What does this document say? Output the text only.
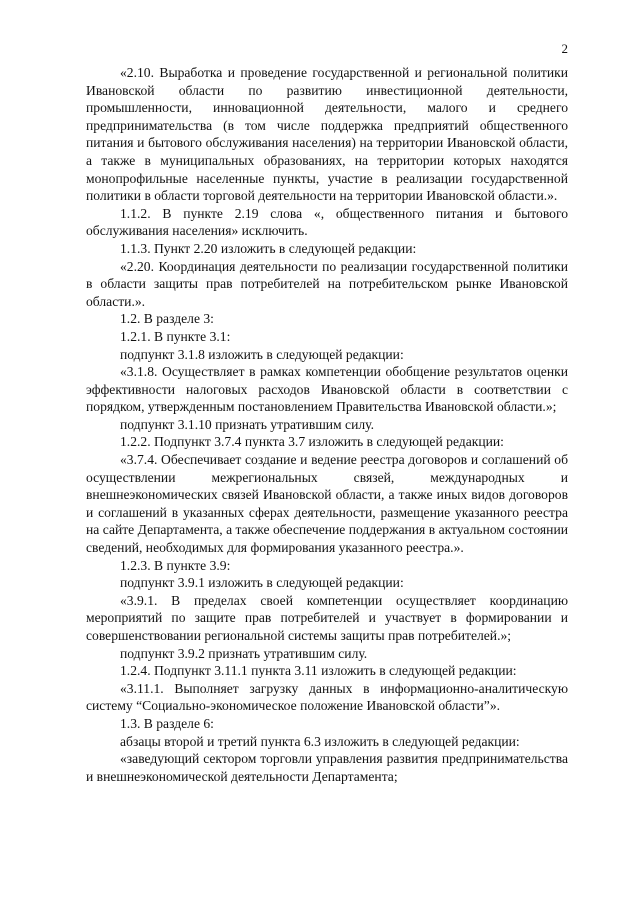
2

«2.10. Выработка и проведение государственной и региональной политики Ивановской области по развитию инвестиционной деятельности, промышленности, инновационной деятельности, малого и среднего предпринимательства (в том числе поддержка предприятий общественного питания и бытового обслуживания населения) на территории Ивановской области, а также в муниципальных образованиях, на территории которых находятся монопрофильные населенные пункты, участие в реализации государственной политики в области торговой деятельности на территории Ивановской области.».

1.1.2. В пункте 2.19 слова «, общественного питания и бытового обслуживания населения» исключить.

1.1.3. Пункт 2.20 изложить в следующей редакции:

«2.20. Координация деятельности по реализации государственной политики в области защиты прав потребителей на потребительском рынке Ивановской области.».

1.2. В разделе 3:

1.2.1. В пункте 3.1:

подпункт 3.1.8 изложить в следующей редакции:

«3.1.8. Осуществляет в рамках компетенции обобщение результатов оценки эффективности налоговых расходов Ивановской области в соответствии с порядком, утвержденным постановлением Правительства Ивановской области.»;

подпункт 3.1.10 признать утратившим силу.

1.2.2. Подпункт 3.7.4 пункта 3.7 изложить в следующей редакции:

«3.7.4. Обеспечивает создание и ведение реестра договоров и соглашений об осуществлении межрегиональных связей, международных и внешнеэкономических связей Ивановской области, а также иных видов договоров и соглашений в указанных сферах деятельности, размещение указанного реестра на сайте Департамента, а также обеспечение поддержания в актуальном состоянии сведений, необходимых для формирования указанного реестра.».

1.2.3. В пункте 3.9:

подпункт 3.9.1 изложить в следующей редакции:

«3.9.1. В пределах своей компетенции осуществляет координацию мероприятий по защите прав потребителей и участвует в формировании и совершенствовании региональной системы защиты прав потребителей.»;

подпункт 3.9.2 признать утратившим силу.

1.2.4. Подпункт 3.11.1 пункта 3.11 изложить в следующей редакции:

«3.11.1. Выполняет загрузку данных в информационно-аналитическую систему “Социально-экономическое положение Ивановской области”».

1.3. В разделе 6:

абзацы второй и третий пункта 6.3 изложить в следующей редакции:

«заведующий сектором торговли управления развития предпринимательства и внешнеэкономической деятельности Департамента;
